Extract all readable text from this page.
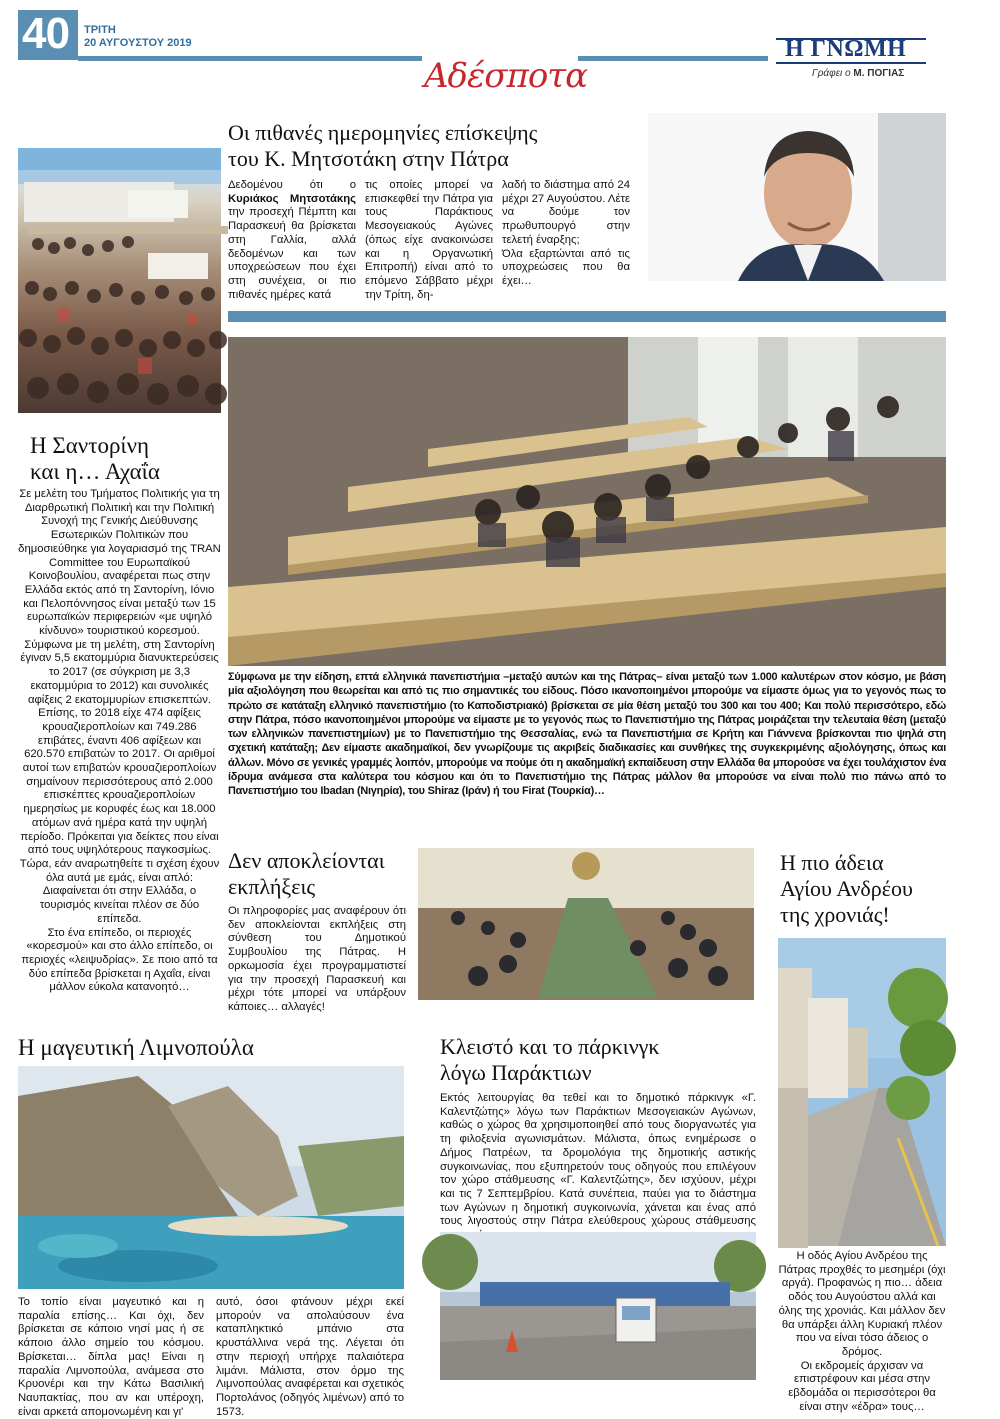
40 ΤΡΙΤΗ
20 ΑΥΓΟΥΣΤΟΥ 2019
Αδέσποτα
Η ΓΝΩΜΗ
Γράφει ο Μ. ΠΟΓΙΑΣ
Οι πιθανές ημερομηνίες επίσκεψης
του Κ. Μητσοτάκη στην Πάτρα
Δεδομένου ότι ο Κυριάκος Μητσοτάκης την προσεχή Πέμπτη και Παρασκευή θα βρίσκεται στη Γαλλία, αλλά δεδομένων και των υποχρεώσεων που έχει στη συνέχεια, οι πιο πιθανές ημέρες κατά
τις οποίες μπορεί να επισκεφθεί την Πάτρα για τους Παράκτιους Μεσογειακούς Αγώνες (όπως είχε ανακοινώσει και η Οργανωτική Επιτροπή) είναι από το επόμενο Σάββατο μέχρι την Τρίτη, δη-
λαδή το διάστημα από 24 μέχρι 27 Αυγούστου. Λέτε να δούμε τον πρωθυπουργό στην τελετή έναρξης;
Όλα εξαρτώνται από τις υποχρεώσεις που θα έχει…
Σύμφωνα με την είδηση, επτά ελληνικά πανεπιστήμια –μεταξύ αυτών και της Πάτρας– είναι μεταξύ των 1.000 καλυτέρων στον κόσμο, με βάση μία αξιολόγηση που θεωρείται και από τις πιο σημαντικές του είδους. Πόσο ικανοποιημένοι μπορούμε να είμαστε όμως για το γεγονός πως το πρώτο σε κατάταξη ελληνικό πανεπιστήμιο (το Καποδιστριακό) βρίσκεται σε μία θέση μεταξύ του 300 και του 400; Και πολύ περισσότερο, εδώ στην Πάτρα, πόσο ικανοποιημένοι μπορούμε να είμαστε με το γεγονός πως το Πανεπιστήμιο της Πάτρας μοιράζεται την τελευταία θέση (μεταξύ των ελληνικών πανεπιστημίων) με το Πανεπιστήμιο της Θεσσαλίας, ενώ τα Πανεπιστήμια σε Κρήτη και Γιάννενα βρίσκονται πιο ψηλά στη σχετική κατάταξη; Δεν είμαστε ακαδημαϊκοί, δεν γνωρίζουμε τις ακριβείς διαδικασίες και συνθήκες της συγκεκριμένης αξιολόγησης, όπως και άλλων. Μόνο σε γενικές γραμμές λοιπόν, μπορούμε να πούμε ότι η ακαδημαϊκή εκπαίδευση στην Ελλάδα θα μπορούσε να έχει τουλάχιστον ένα ίδρυμα ανάμεσα στα καλύτερα του κόσμου και ότι το Πανεπιστήμιο της Πάτρας μάλλον θα μπορούσε να είναι πολύ πιο πάνω από το Πανεπιστήμιο του Ibadan (Νιγηρία), του Shiraz (Ιράν) ή του Firat (Τουρκία)…
Η Σαντορίνη
και η… Αχαΐα
Σε μελέτη του Τμήματος Πολιτικής για τη Διαρθρωτική Πολιτική και την Πολιτική Συνοχή της Γενικής Διεύθυνσης Εσωτερικών Πολιτικών που δημοσιεύθηκε για λογαριασμό της TRAN Committee του Ευρωπαϊκού Κοινοβουλίου, αναφέρεται πως στην Ελλάδα εκτός από τη Σαντορίνη, Ιόνιο και Πελοπόννησος είναι μεταξύ των 15 ευρωπαϊκών περιφερειών «με υψηλό κίνδυνο» τουριστικού κορεσμού. Σύμφωνα με τη μελέτη, στη Σαντορίνη έγιναν 5,5 εκατομμύρια διανυκτερεύσεις το 2017 (σε σύγκριση με 3,3 εκατομμύρια το 2012) και συνολικές αφίξεις 2 εκατομμυρίων επισκεπτών. Επίσης, το 2018 είχε 474 αφίξεις κρουαζιεροπλοίων και 749.286 επιβάτες, έναντι 406 αφίξεων και 620.570 επιβατών το 2017. Οι αριθμοί αυτοί των επιβατών κρουαζιεροπλοίων σημαίνουν περισσότερους από 2.000 επισκέπτες κρουαζιεροπλοίων ημερησίως με κορυφές έως και 18.000 ατόμων ανά ημέρα κατά την υψηλή περίοδο. Πρόκειται για δείκτες που είναι από τους υψηλότερους παγκοσμίως. Τώρα, εάν αναρωτηθείτε τι σχέση έχουν όλα αυτά με εμάς, είναι απλό: Διαφαίνεται ότι στην Ελλάδα, ο τουρισμός κινείται πλέον σε δύο επίπεδα.
Στο ένα επίπεδο, οι περιοχές «κορεσμού» και στο άλλο επίπεδο, οι περιοχές «λειψυδρίας». Σε ποιο από τα δύο επίπεδα βρίσκεται η Αχαΐα, είναι μάλλον εύκολα κατανοητό…
Δεν αποκλείονται
εκπλήξεις
Οι πληροφορίες μας αναφέρουν ότι δεν αποκλείονται εκπλήξεις στη σύνθεση του Δημοτικού Συμβουλίου της Πάτρας. Η ορκωμοσία έχει προγραμματιστεί για την προσεχή Παρασκευή και μέχρι τότε μπορεί να υπάρξουν κάποιες… αλλαγές!
Η πιο άδεια
Αγίου Ανδρέου
της χρονιάς!
Η οδός Αγίου Ανδρέου της Πάτρας προχθές το μεσημέρι (όχι αργά). Προφανώς η πιο… άδεια οδός του Αυγούστου αλλά και όλης της χρονιάς. Και μάλλον δεν θα υπάρξει άλλη Κυριακή πλέον που να είναι τόσο άδειος ο δρόμος.
Οι εκδρομείς άρχισαν να επιστρέφουν και μέσα στην εβδομάδα οι περισσότεροι θα είναι στην «έδρα» τους…
Η μαγευτική Λιμνοπούλα
Το τοπίο είναι μαγευτικό και η παραλία επίσης… Και όχι, δεν βρίσκεται σε κάποιο νησί μας ή σε κάποιο άλλο σημείο του κόσμου. Βρίσκεται… δίπλα μας! Είναι η παραλία Λιμνοπούλα, ανάμεσα στο Κρυονέρι και την Κάτω Βασιλική Ναυπακτίας, που αν και υπέροχη, είναι αρκετά απομονωμένη και γι'
αυτό, όσοι φτάνουν μέχρι εκεί μπορούν να απολαύσουν ένα καταπληκτικό μπάνιο στα κρυστάλλινα νερά της. Λέγεται ότι στην περιοχή υπήρχε παλαιότερα λιμάνι. Μάλιστα, στον όρμο της Λιμνοπούλας αναφέρεται και σχετικός Πορτολάνος (οδηγός λιμένων) από το 1573.
Κλειστό και το πάρκινγκ
λόγω Παράκτιων
Εκτός λειτουργίας θα τεθεί και το δημοτικό πάρκινγκ «Γ. Καλεντζώτης» λόγω των Παράκτιων Μεσογειακών Αγώνων, καθώς ο χώρος θα χρησιμοποιηθεί από τους διοργανωτές για τη φιλοξενία αγωνισμάτων. Μάλιστα, όπως ενημέρωσε ο Δήμος Πατρέων, τα δρομολόγια της δημοτικής αστικής συγκοινωνίας, που εξυπηρετούν τους οδηγούς που επιλέγουν τον χώρο στάθμευσης «Γ. Καλεντζώτης», δεν ισχύουν, μέχρι και τις 7 Σεπτεμβρίου. Κατά συνέπεια, παύει για το διάστημα των Αγώνων η δημοτική συγκοινωνία, χάνεται και ένας από τους λιγοστούς στην Πάτρα ελεύθερους χώρους στάθμευσης
